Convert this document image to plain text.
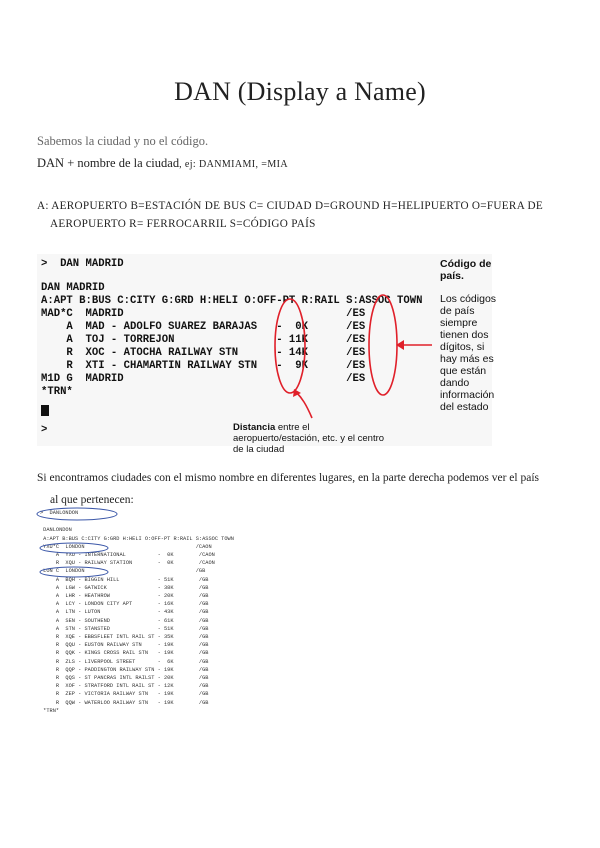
DAN (Display a Name)
Sabemos la ciudad y no el código.
DAN + nombre de la ciudad, ej: DANMIAMI, =MIA
A: AEROPUERTO B=ESTACIÓN DE BUS C= CIUDAD D=GROUND H=HELIPUERTO O=FUERA DE
AEROPUERTO R= FERROCARRIL S=CÓDIGO PAÍS
>  DAN MADRID
DAN MADRID
A:APT B:BUS C:CITY G:GRD H:HELI O:OFF-PT R:RAIL S:ASSOC TOWN
MAD*C  MADRID                                   /ES
A  MAD - ADOLFO SUAREZ BARAJAS   -  0K      /ES
A  TOJ - TORREJON                - 11K      /ES
R  XOC - ATOCHA RAILWAY STN      - 14K      /ES
R  XTI - CHAMARTIN RAILWAY STN   -  9K      /ES
M1D G  MADRID                                   /ES
*TRN*
>	Distancia entre el aeropuerto/estación, etc. y el centro de la ciudad
Código de país.
Los códigos
de país
siempre
tienen dos
dígitos, si
hay más es
que están
dando
información
del estado
Si encontramos ciudades con el mismo nombre en diferentes lugares, en la parte derecha podemos ver el país
al que pertenecen:
>  DANLONDON
DANLONDON
A:APT B:BUS C:CITY G:GRD H:HELI O:OFF-PT R:RAIL S:ASSOC TOWN
YXU*C  LONDON                                   /CAON
A  YXU - INTERNATIONAL          -  0K        /CAON
R  XQU - RAILWAY STATION        -  0K        /CAON
LON C  LONDON                                   /GB
A  BQH - BIGGIN HILL            - 51K        /GB
A  LGW - GATWICK                - 38K        /GB
A  LHR - HEATHROW               - 20K        /GB
A  LCY - LONDON CITY APT        - 16K        /GB
A  LTN - LUTON                  - 43K        /GB
A  SEN - SOUTHEND               - 61K        /GB
A  STN - STANSTED               - 51K        /GB
R  XQE - EBBSFLEET INTL RAIL ST - 35K        /GB
R  QQU - EUSTON RAILWAY STN     - 19K        /GB
R  QQK - KINGS CROSS RAIL STN   - 19K        /GB
R  ZLS - LIVERPOOL STREET       -  6K        /GB
R  QQP - PADDINGTON RAILWAY STN - 19K        /GB
R  QQS - ST PANCRAS INTL RAILST - 20K        /GB
R  XOF - STRATFORD INTL RAIL ST - 12K        /GB
R  ZEP - VICTORIA RAILWAY STN   - 19K        /GB
R  QQW - WATERLOO RAILWAY STN   - 19K        /GB
*TRN*
